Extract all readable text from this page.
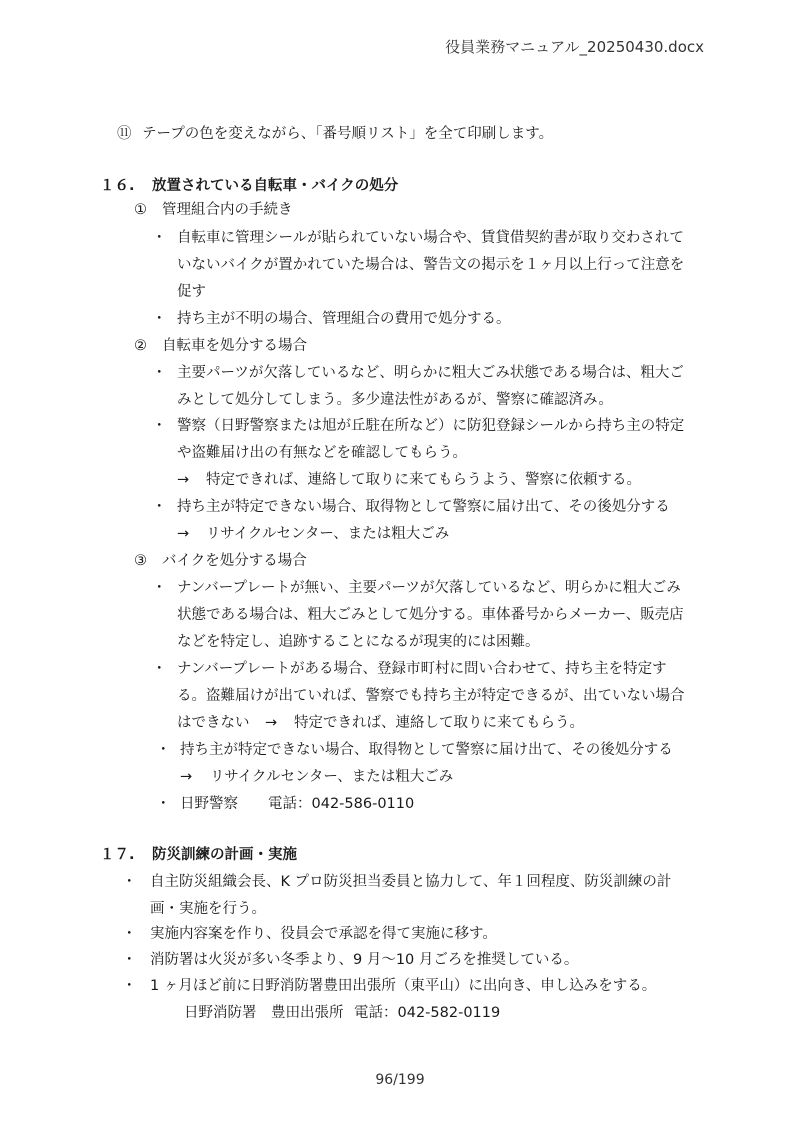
役員業務マニュアル_20250430.docx
⑪ テープの色を変えながら、「番号順リスト」を全て印刷します。
１６. 放置されている自転車・バイクの処分
① 管理組合内の手続き
・ 自転車に管理シールが貼られていない場合や、賃貸借契約書が取り交わされて
いないバイクが置かれていた場合は、警告文の掲示を１ヶ月以上行って注意を
促す
・ 持ち主が不明の場合、管理組合の費用で処分する。
② 自転車を処分する場合
・ 主要パーツが欠落しているなど、明らかに粗大ごみ状態である場合は、粗大ご
みとして処分してしまう。多少違法性があるが、警察に確認済み。
・ 警察（日野警察または旭が丘駐在所など）に防犯登録シールから持ち主の特定
や盗難届け出の有無などを確認してもらう。
→ 特定できれば、連絡して取りに来てもらうよう、警察に依頼する。
・ 持ち主が特定できない場合、取得物として警察に届け出て、その後処分する
→ リサイクルセンター、または粗大ごみ
③ バイクを処分する場合
・ ナンバープレートが無い、主要パーツが欠落しているなど、明らかに粗大ごみ
状態である場合は、粗大ごみとして処分する。車体番号からメーカー、販売店
などを特定し、追跡することになるが現実的には困難。
・ ナンバープレートがある場合、登録市町村に問い合わせて、持ち主を特定す
る。盗難届けが出ていれば、警察でも持ち主が特定できるが、出ていない場合
はできない → 特定できれば、連絡して取りに来てもらう。
・ 持ち主が特定できない場合、取得物として警察に届け出て、その後処分する
→ リサイクルセンター、または粗大ごみ
・ 日野警察 電話：042-586-0110
１７. 防災訓練の計画・実施
・ 自主防災組織会長、K プロ防災担当委員と協力して、年１回程度、防災訓練の計
画・実施を行う。
・ 実施内容案を作り、役員会で承認を得て実施に移す。
・ 消防署は火災が多い冬季より、9 月～10 月ごろを推奨している。
・ 1 ヶ月ほど前に日野消防署豊田出張所（東平山）に出向き、申し込みをする。
日野消防署　豊田出張所 電話：042-582-0119
96/199
